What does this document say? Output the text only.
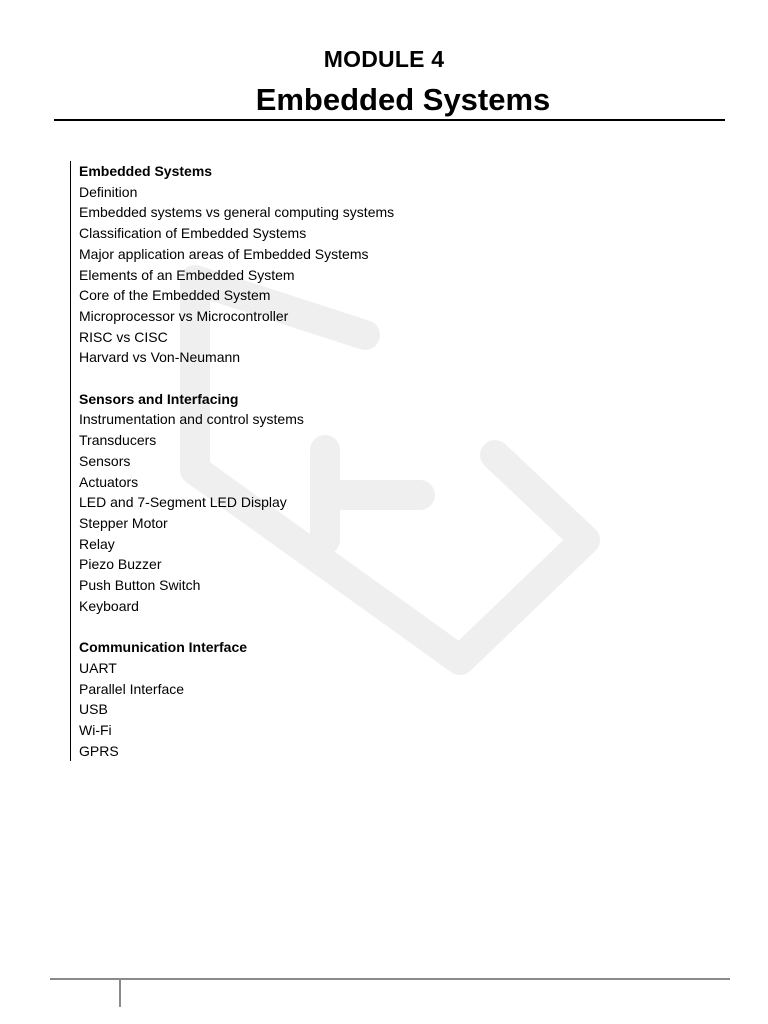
MODULE 4
Embedded Systems
Embedded Systems
Definition
Embedded systems vs general computing systems
Classification of Embedded Systems
Major application areas of Embedded Systems
Elements of an Embedded System
Core of the Embedded System
Microprocessor vs Microcontroller
RISC vs CISC
Harvard vs Von-Neumann
Sensors and Interfacing
Instrumentation and control systems
Transducers
Sensors
Actuators
LED and 7-Segment LED Display
Stepper Motor
Relay
Piezo Buzzer
Push Button Switch
Keyboard
Communication Interface
UART
Parallel Interface
USB
Wi-Fi
GPRS
